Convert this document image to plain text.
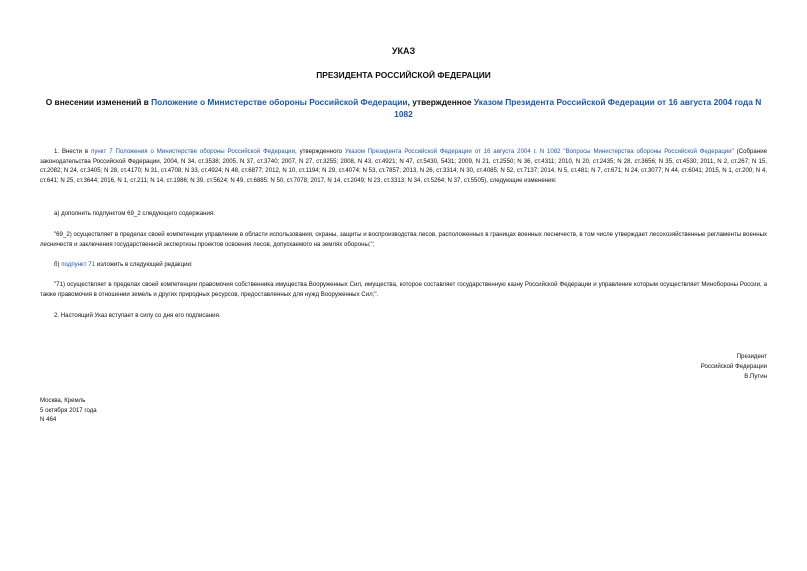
УКАЗ
ПРЕЗИДЕНТА РОССИЙСКОЙ ФЕДЕРАЦИИ
О внесении изменений в Положение о Министерстве обороны Российской Федерации, утвержденное Указом Президента Российской Федерации от 16 августа 2004 года N 1082
1. Внести в пункт 7 Положения о Министерстве обороны Российской Федерации, утвержденного Указом Президента Российской Федерации от 16 августа 2004 г. N 1082 "Вопросы Министерства обороны Российской Федерации" (Собрание законодательства Российской Федерации, 2004, N 34, ст.3538; 2005, N 37, ст.3740; 2007, N 27, ст.3255; 2008, N 43, ст.4921; N 47, ст.5430, 5431; 2009, N 21, ст.2550; N 36, ст.4311; 2010, N 20, ст.2435; N 28, ст.3656; N 35, ст.4530; 2011, N 2, ст.267; N 15, ст.2082; N 24, ст.3405; N 28, ст.4170; N 31, ст.4708; N 33, ст.4924; N 48, ст.6877; 2012, N 10, ст.1194; N 29, ст.4074; N 53, ст.7857; 2013, N 26, ст.3314; N 30, ст.4085; N 52, ст.7137; 2014, N 5, ст.481; N 7, ст.671; N 24, ст.3077; N 44, ст.6041; 2015, N 1, ст.200; N 4, ст.641; N 25, ст.3644; 2016, N 1, ст.211; N 14, ст.1986; N 39, ст.5624; N 49, ст.6885; N 50, ст.7078; 2017, N 14, ст.2049; N 23, ст.3313; N 34, ст.5264; N 37, ст.5505), следующие изменения:
а) дополнить подпунктом 69_2 следующего содержания:
"69_2) осуществляет в пределах своей компетенции управление в области использования, охраны, защиты и воспроизводства лесов, расположенных в границах военных лесничеств, в том числе утверждает лесохозяйственные регламенты военных лесничеств и заключения государственной экспертизы проектов освоения лесов, допускаемого на землях обороны;";
б) подпункт 71 изложить в следующей редакции:
"71) осуществляет в пределах своей компетенции правомочия собственника имущества Вооруженных Сил, имущества, которое составляет государственную казну Российской Федерации и управление которым осуществляет Минобороны России, а также правомочия в отношении земель и других природных ресурсов, предоставленных для нужд Вооруженных Сил;".
2. Настоящий Указ вступает в силу со дня его подписания.
Президент
Российской Федерации
В.Путин
Москва, Кремль
5 октября 2017 года
N 464
